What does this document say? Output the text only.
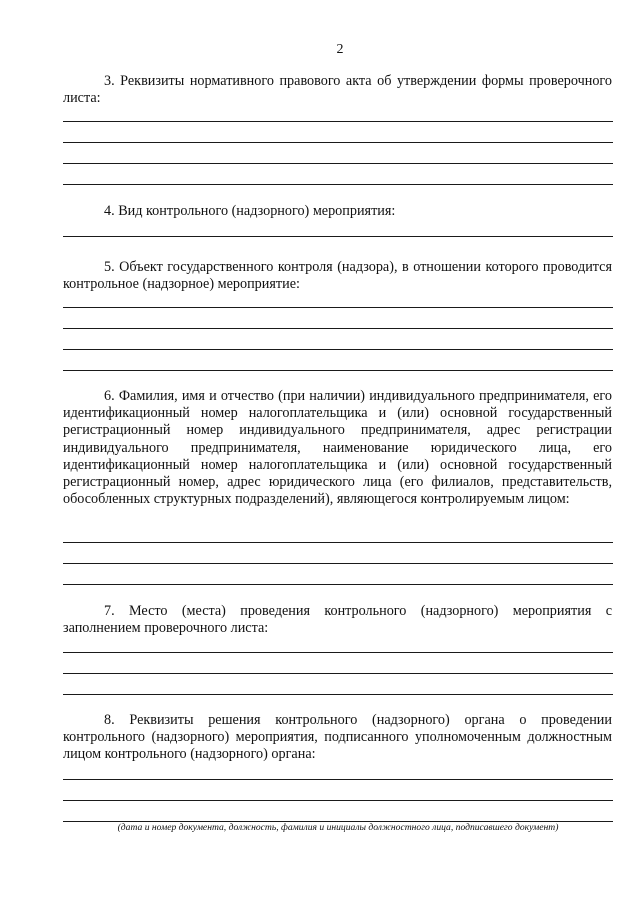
2

3. Реквизиты нормативного правового акта об утверждении формы проверочного листа:

4. Вид контрольного (надзорного) мероприятия:

5. Объект государственного контроля (надзора), в отношении которого проводится контрольное (надзорное) мероприятие:

6. Фамилия, имя и отчество (при наличии) индивидуального предпринимателя, его идентификационный номер налогоплательщика и (или) основной государственный регистрационный номер индивидуального предпринимателя, адрес регистрации индивидуального предпринимателя, наименование юридического лица, его идентификационный номер налогоплательщика и (или) основной государственный регистрационный номер, адрес юридического лица (его филиалов, представительств, обособленных структурных подразделений), являющегося контролируемым лицом:

7. Место (места) проведения контрольного (надзорного) мероприятия с заполнением проверочного листа:

8. Реквизиты решения контрольного (надзорного) органа о проведении контрольного (надзорного) мероприятия, подписанного уполномоченным должностным лицом контрольного (надзорного) органа:

(дата и номер документа, должность, фамилия и инициалы должностного лица, подписавшего документ)
